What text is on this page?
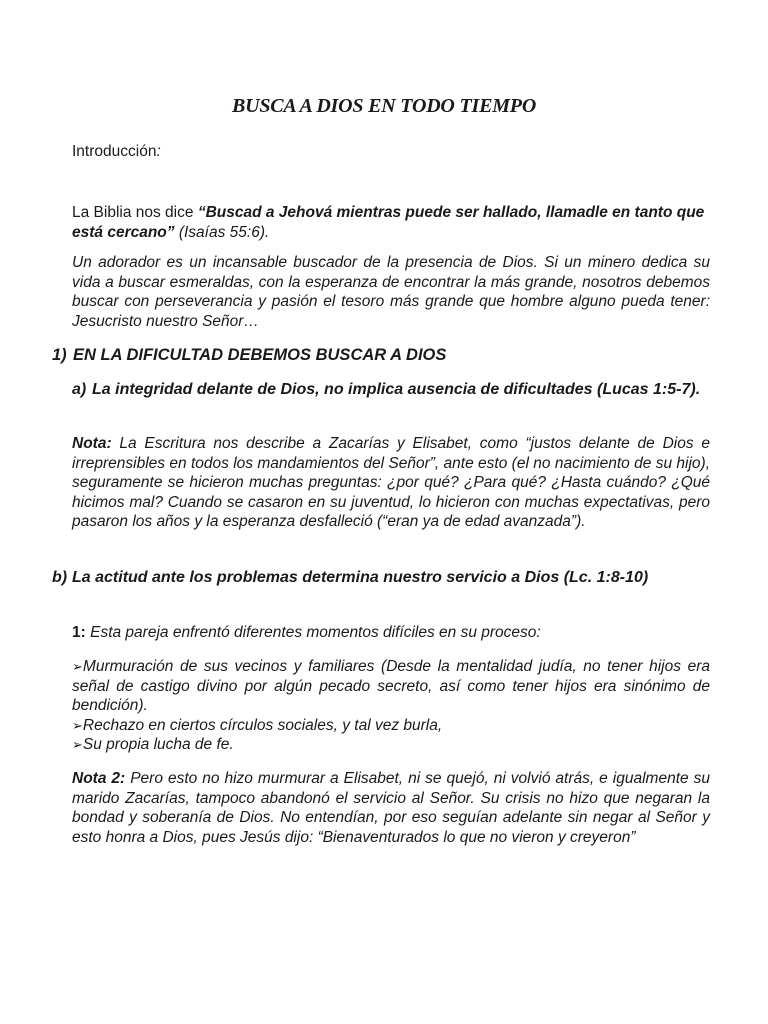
BUSCA A DIOS EN TODO TIEMPO
Introducción:
La Biblia nos dice “Buscad a Jehová mientras puede ser hallado, llamadle en tanto que está cercano” (Isaías 55:6).
Un adorador es un incansable buscador de la presencia de Dios. Si un minero dedica su vida a buscar esmeraldas, con la esperanza de encontrar la más grande, nosotros debemos buscar con perseverancia y pasión el tesoro más grande que hombre alguno pueda tener: Jesucristo nuestro Señor…
1) EN LA DIFICULTAD DEBEMOS BUSCAR A DIOS
a) La integridad delante de Dios, no implica ausencia de dificultades (Lucas 1:5-7).
Nota: La Escritura nos describe a Zacarías y Elisabet, como “justos delante de Dios e irreprensibles en todos los mandamientos del Señor”, ante esto (el no nacimiento de su hijo), seguramente se hicieron muchas preguntas: ¿por qué? ¿Para qué? ¿Hasta cuándo? ¿Qué hicimos mal? Cuando se casaron en su juventud, lo hicieron con muchas expectativas, pero pasaron los años y la esperanza desfalleció (“eran ya de edad avanzada”).
b) La actitud ante los problemas determina nuestro servicio a Dios (Lc. 1:8-10)
1: Esta pareja enfrentó diferentes momentos difíciles en su proceso:
➢Murmuración de sus vecinos y familiares (Desde la mentalidad judía, no tener hijos era señal de castigo divino por algún pecado secreto, así como tener hijos era sinónimo de bendición).
➢Rechazo en ciertos círculos sociales, y tal vez burla,
➢Su propia lucha de fe.
Nota 2: Pero esto no hizo murmurar a Elisabet, ni se quejó, ni volvió atrás, e igualmente su marido Zacarías, tampoco abandonó el servicio al Señor. Su crisis no hizo que negaran la bondad y soberanía de Dios. No entendían, por eso seguían adelante sin negar al Señor y esto honra a Dios, pues Jesús dijo: “Bienaventurados lo que no vieron y creyeron”
